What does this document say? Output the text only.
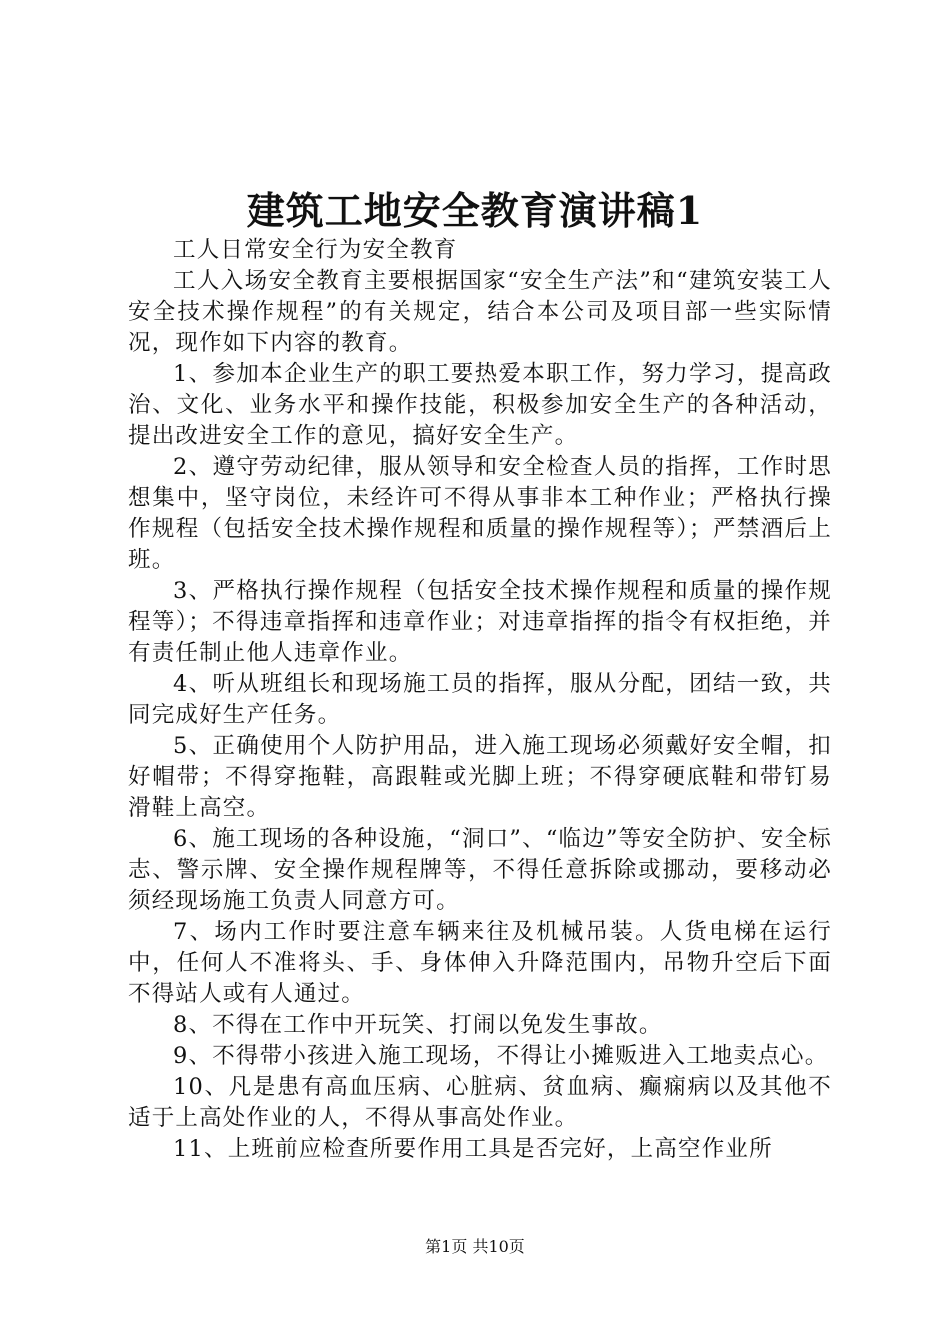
建筑工地安全教育演讲稿1

工人日常安全行为安全教育

工人入场安全教育主要根据国家“安全生产法”和“建筑安装工人安全技术操作规程”的有关规定，结合本公司及项目部一些实际情况，现作如下内容的教育。

1、参加本企业生产的职工要热爱本职工作，努力学习，提高政治、文化、业务水平和操作技能，积极参加安全生产的各种活动，提出改进安全工作的意见，搞好安全生产。

2、遵守劳动纪律，服从领导和安全检查人员的指挥，工作时思想集中，坚守岗位，未经许可不得从事非本工种作业；严格执行操作规程（包括安全技术操作规程和质量的操作规程等）；严禁酒后上班。

3、严格执行操作规程（包括安全技术操作规程和质量的操作规程等）；不得违章指挥和违章作业；对违章指挥的指令有权拒绝，并有责任制止他人违章作业。

4、听从班组长和现场施工员的指挥，服从分配，团结一致，共同完成好生产任务。

5、正确使用个人防护用品，进入施工现场必须戴好安全帽，扣好帽带；不得穿拖鞋，高跟鞋或光脚上班；不得穿硬底鞋和带钉易滑鞋上高空。

6、施工现场的各种设施，“洞口”、“临边”等安全防护、安全标志、警示牌、安全操作规程牌等，不得任意拆除或挪动，要移动必须经现场施工负责人同意方可。

7、场内工作时要注意车辆来往及机械吊装。人货电梯在运行中，任何人不准将头、手、身体伸入升降范围内，吊物升空后下面不得站人或有人通过。

8、不得在工作中开玩笑、打闹以免发生事故。

9、不得带小孩进入施工现场，不得让小摊贩进入工地卖点心。

10、凡是患有高血压病、心脏病、贫血病、癫痫病以及其他不适于上高处作业的人，不得从事高处作业。

11、上班前应检查所要作用工具是否完好，上高空作业所

第1页 共10页
